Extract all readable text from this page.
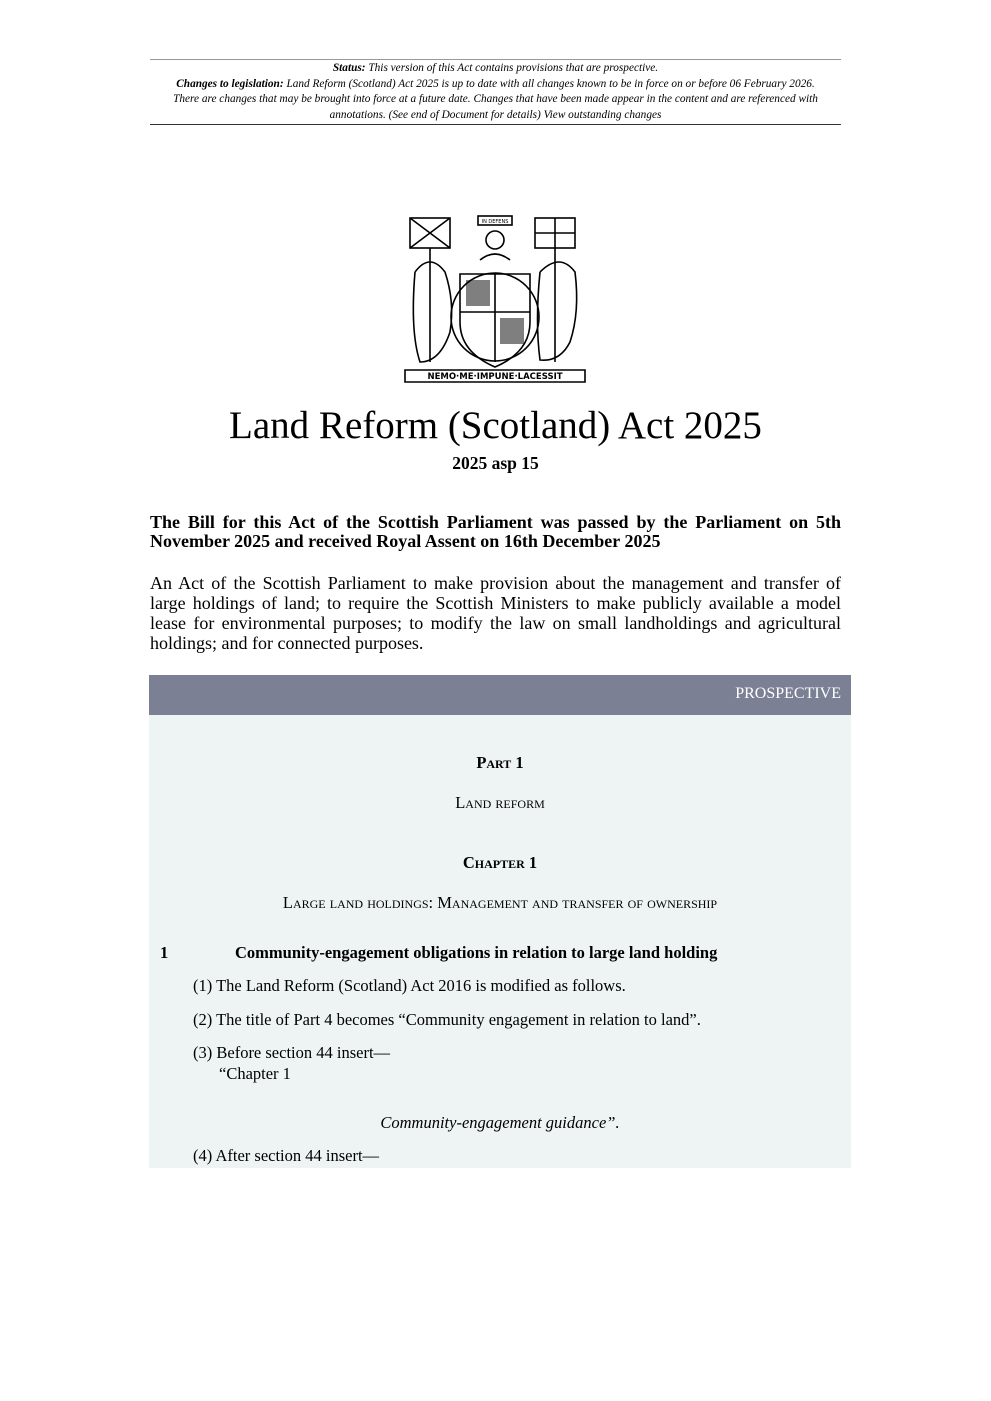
Status: This version of this Act contains provisions that are prospective.
Changes to legislation: Land Reform (Scotland) Act 2025 is up to date with all changes known to be in force on or before 06 February 2026. There are changes that may be brought into force at a future date. Changes that have been made appear in the content and are referenced with annotations. (See end of Document for details) View outstanding changes
NEMO·ME·IMPUNE·LACESSIT
IN DEFENS
Land Reform (Scotland) Act 2025
2025 asp 15
The Bill for this Act of the Scottish Parliament was passed by the Parliament on 5th November 2025 and received Royal Assent on 16th December 2025
An Act of the Scottish Parliament to make provision about the management and transfer of large holdings of land; to require the Scottish Ministers to make publicly available a model lease for environmental purposes; to modify the law on small landholdings and agricultural holdings; and for connected purposes.
PROSPECTIVE
Part 1
Land reform
Chapter 1
Large land holdings: Management and transfer of ownership
1	Community-engagement obligations in relation to large land holding
(1) The Land Reform (Scotland) Act 2016 is modified as follows.
(2) The title of Part 4 becomes “Community engagement in relation to land”.
(3) Before section 44 insert—
“Chapter 1
Community-engagement guidance”.
(4) After section 44 insert—
